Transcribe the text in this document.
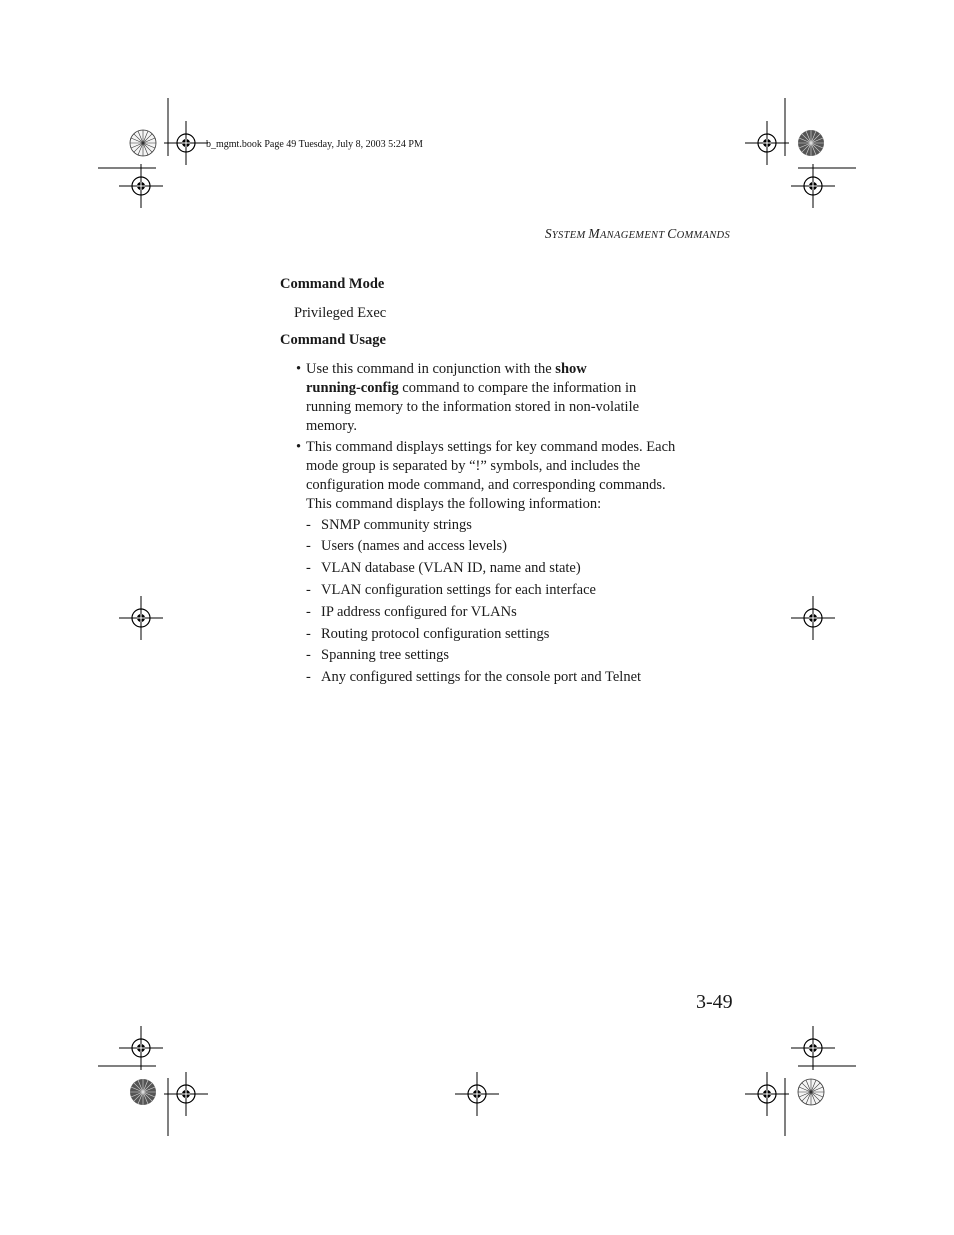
b_mgmt.book Page 49 Tuesday, July 8, 2003 5:24 PM
SYSTEM MANAGEMENT COMMANDS
Command Mode
Privileged Exec
Command Usage
• Use this command in conjunction with the show
running-config command to compare the information in
running memory to the information stored in non-volatile
memory.
• This command displays settings for key command modes. Each
mode group is separated by “!” symbols, and includes the
configuration mode command, and corresponding commands.
This command displays the following information:
- SNMP community strings
- Users (names and access levels)
- VLAN database (VLAN ID, name and state)
- VLAN configuration settings for each interface
- IP address configured for VLANs
- Routing protocol configuration settings
- Spanning tree settings
- Any configured settings for the console port and Telnet
3-49
